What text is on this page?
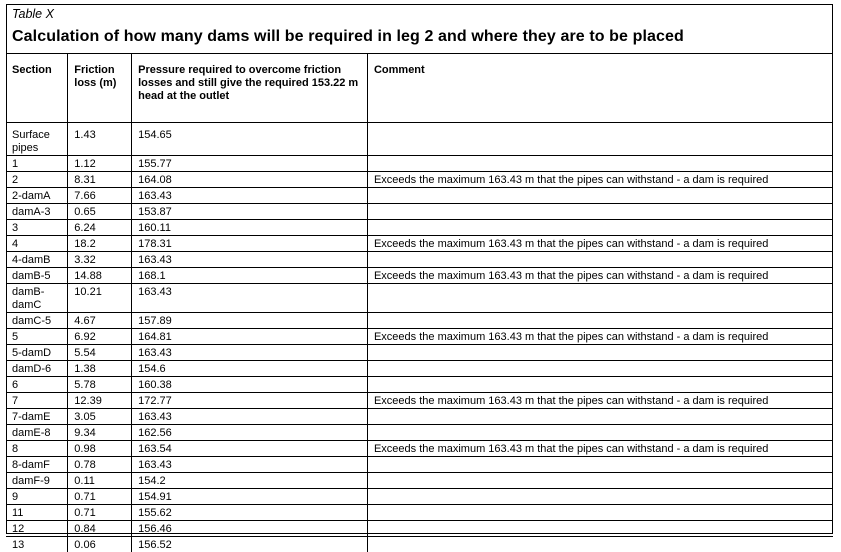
Table X
Calculation of how many dams will be required in leg 2 and where they are to be placed
Section	Friction loss (m)	Pressure required to overcome friction losses and still give the required 153.22 m head at the outlet	Comment
Surface pipes	1.43	154.65	
1	1.12	155.77	
2	8.31	164.08	Exceeds the maximum 163.43 m that the pipes can withstand - a dam is required
2-damA	7.66	163.43	
damA-3	0.65	153.87	
3	6.24	160.11	
4	18.2	178.31	Exceeds the maximum 163.43 m that the pipes can withstand - a dam is required
4-damB	3.32	163.43	
damB-5	14.88	168.1	Exceeds the maximum 163.43 m that the pipes can withstand - a dam is required
damB-damC	10.21	163.43	
damC-5	4.67	157.89	
5	6.92	164.81	Exceeds the maximum 163.43 m that the pipes can withstand - a dam is required
5-damD	5.54	163.43	
damD-6	1.38	154.6	
6	5.78	160.38	
7	12.39	172.77	Exceeds the maximum 163.43 m that the pipes can withstand - a dam is required
7-damE	3.05	163.43	
damE-8	9.34	162.56	
8	0.98	163.54	Exceeds the maximum 163.43 m that the pipes can withstand - a dam is required
8-damF	0.78	163.43	
damF-9	0.11	154.2	
9	0.71	154.91	
11	0.71	155.62	
12	0.84	156.46	
13	0.06	156.52	
